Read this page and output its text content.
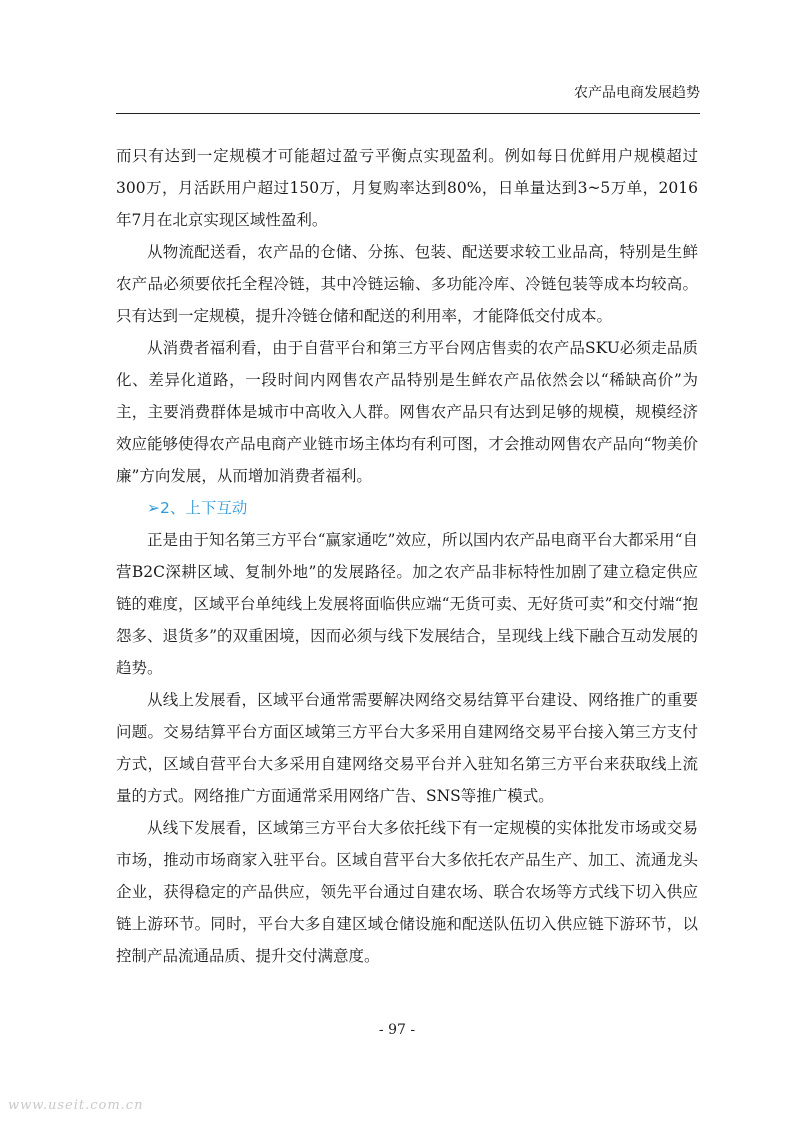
农产品电商发展趋势

而只有达到一定规模才可能超过盈亏平衡点实现盈利。例如每日优鲜用户规模超过300万，月活跃用户超过150万，月复购率达到80%，日单量达到3~5万单，2016年7月在北京实现区域性盈利。

从物流配送看，农产品的仓储、分拣、包装、配送要求较工业品高，特别是生鲜农产品必须要依托全程冷链，其中冷链运输、多功能冷库、冷链包装等成本均较高。只有达到一定规模，提升冷链仓储和配送的利用率，才能降低交付成本。

从消费者福利看，由于自营平台和第三方平台网店售卖的农产品SKU必须走品质化、差异化道路，一段时间内网售农产品特别是生鲜农产品依然会以“稀缺高价”为主，主要消费群体是城市中高收入人群。网售农产品只有达到足够的规模，规模经济效应能够使得农产品电商产业链市场主体均有利可图，才会推动网售农产品向“物美价廉”方向发展，从而增加消费者福利。

➢2、上下互动

正是由于知名第三方平台“赢家通吃”效应，所以国内农产品电商平台大都采用“自营B2C深耕区域、复制外地”的发展路径。加之农产品非标特性加剧了建立稳定供应链的难度，区域平台单纯线上发展将面临供应端“无货可卖、无好货可卖”和交付端“抱怨多、退货多”的双重困境，因而必须与线下发展结合，呈现线上线下融合互动发展的趋势。

从线上发展看，区域平台通常需要解决网络交易结算平台建设、网络推广的重要问题。交易结算平台方面区域第三方平台大多采用自建网络交易平台接入第三方支付方式，区域自营平台大多采用自建网络交易平台并入驻知名第三方平台来获取线上流量的方式。网络推广方面通常采用网络广告、SNS等推广模式。

从线下发展看，区域第三方平台大多依托线下有一定规模的实体批发市场或交易市场，推动市场商家入驻平台。区域自营平台大多依托农产品生产、加工、流通龙头企业，获得稳定的产品供应，领先平台通过自建农场、联合农场等方式线下切入供应链上游环节。同时，平台大多自建区域仓储设施和配送队伍切入供应链下游环节，以控制产品流通品质、提升交付满意度。

- 97 -
www.useit.com.cn
